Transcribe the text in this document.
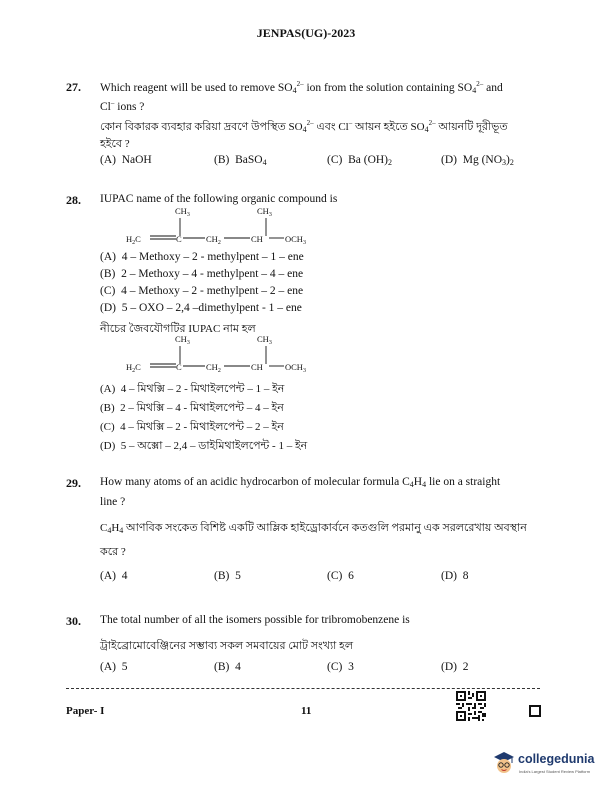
JENPAS(UG)-2023
27. Which reagent will be used to remove $SO_4^{2-}$ ion from the solution containing $SO_4^{2-}$ and
Cl– ions ?
কোন বিকারক ব্যবহার করিয়া দ্রবণে উপস্থিত $SO_4^{2-}$ এবং Cl– আয়ন হইতে $SO_4^{2-}$ আয়নটি দূরীভূত
হইবে ?
(A) NaOH	(B) BaSO$_4$	(C) Ba $(OH)_2$	(D) Mg $(NO_3)_2$
28. IUPAC name of the following organic compound is
$CH_3$	$CH_3$
$H_2C$	C	$CH_2$	CH	$OCH_3$
(A) 4 – Methoxy – 2 - methylpent – 1 – ene
(B) 2 – Methoxy – 4 - methylpent – 4 – ene
(C) 4 – Methoxy – 2 - methylpent – 2 – ene
(D) 5 – OXO – 2,4 –dimethylpent - 1 – ene
নীচের জৈবযৌগটির IUPAC নাম হল
$CH_3$	$CH_3$
$H_2C$	C	$CH_2$	CH	$OCH_3$
(A) 4 – মিথক্সি – 2 - মিথাইলপেন্ট – 1 – ইন
(B) 2 – মিথক্সি – 4 - মিথাইলপেন্ট – 4 – ইন
(C) 4 – মিথক্সি – 2 - মিথাইলপেন্ট – 2 – ইন
(D) 5 – অক্সো – 2,4 – ডাইমিথাইলপেন্ট - 1 – ইন
29. How many atoms of an acidic hydrocarbon of molecular formula $C_4H_4$ lie on a straight
line ?
$C_4H_4$ আণবিক সংকেত বিশিষ্ট একটি আম্লিক হাইড্রোকার্বনে কতগুলি পরমানু এক সরলরেখায় অবস্থান
করে ?
(A) 4	(B) 5	(C) 6	(D) 8
30. The total number of all the isomers possible for tribromobenzene is
ট্রাইব্রোমোবেঞ্জিনের সম্ভাব্য সকল সমবায়ের মোট সংখ্যা হল
(A) 5	(B) 4	(C) 3	(D) 2
Paper- I	11
collegedunia
India's Largest Student Review Platform
